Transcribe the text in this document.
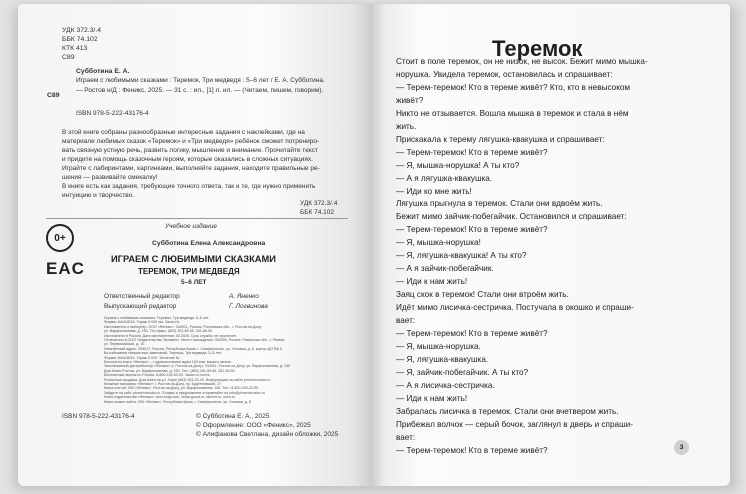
УДК 372.3/.4

ББК 74.102

КТК 413

С89

Субботина Е. А.

С89

Играем с любимыми сказками : Теремок, Три медведя : 5–6 лет / Е. А. Субботина.

— Ростов н/Д : Феникс, 2025. — 31 с. : ил., [1] л. ил. — (Читаем, пишем, говорим).

ISBN 978-5-222-43176-4

В этой книге собраны разнообразные интересные задания с наклейками, где на

материале любимых сказок «Теремок» и «Три медведя» ребёнок сможет потрениро-

вать связную устную речь, развить логику, мышление и внимание. Прочитайте текст

и придите на помощь сказочным героям, которые оказались в сложных ситуациях.

Играйте с лабиринтами, картинками, выполняйте задания, находите правильные ре-

шения — развивайте смекалку!

В книге есть как задания, требующие точного ответа, так и те, где нужно применить

интуицию и творчество.

УДК 372.3/.4

ББК 74.102

Учебное издание

0+
EAC

Субботина Елена Александровна

ИГРАЕМ С ЛЮБИМЫМИ СКАЗКАМИ

ТЕРЕМОК, ТРИ МЕДВЕДЯ

5–6 ЛЕТ

Ответственный редактор	А. Яненко

Выпускающий редактор	Г. Логвинова

Играем с любимыми сказками. Теремок, Три медведя: 5–6 лет.

Формат 84x108/16. Тираж 5 000 экз. Заказ № .

Изготовитель и импортёр: ООО «Феникс». 344011, Россия, Ростовская обл., г. Ростов-на-Дону,

ул. Варфоломеева, д. 150. Тел./факс: (863) 261-89-65, 261-89-50.

Изготовлено в России. Дата изготовления: 04.2025. Срок службы не ограничен.

Отпечатано в ООО «Издательство Экзамен». Место нахождения: 390000, Россия, Рязанская обл., г. Рязань,

ул. Первомайская, д. 10.

Изменённый адрес: 295017, Россия, Республика Крым, г. Симферополь, ул. Узловая, д. 8, корпус ДОТ№ 5

Во избежание неприятных замечаний, Теремок, Три медведя: 5–6 лет.

Формат 84x108/16. Тираж 5 000. Тиснение №

Бесплатно книги «Феникс» – с удовольствием ждём 100 книг вашего заказа.

Эксклюзивный дистрибьютор «Феникс» (г. Ростов-на-Дону): 344011, Ростов-на-Дону, ул. Варфоломеева, д. 150

Дом Книги Ростов, ул. Варфоломеева, д. 150. Тел.: (863) 261-89-65, 261-89-50

Бесплатный звонок по России: 8-800-100-00-00. Заказ по почте.

Розничная продажа: Дом книги на ул. Зорге (863) 303-20-25. Информация на сайте phoenixrostov.ru

Книжные магазины «Феникс»: г. Ростов-на-Дону, пр. Будённовский, 27.

Книга-почтой: 000 «Феникс». Ростов-на-Дону, ул. Варфоломеева, 150. Тел.: 8-800-200-23-95

Зайдите на сайт: phoenixbooks.ru. Отзывы и предложения отправляйте на info@phoenixrostov.ru

Книги издательства «Феникс»: dom-knigi.com, chitai-gorod.ru, labirint.ru, ozon.ru

Книги можно найти: 000 «Феникс», Республика Крым, г. Симферополь, ул. Узловая, д. 8

ISBN 978-5-222-43176-4	© Субботина Е. А., 2025

© Оформление: ООО «Феникс», 2025

© Алифанова Светлана, дизайн обложки, 2025

Теремок

Стоит в поле теремок, он не низок, не высок. Бежит мимо мышка-

норушка. Увидела теремок, остановилась и спрашивает:

— Терем-теремок! Кто в тереме живёт? Кто, кто в невысоком

живёт?

Никто не отзывается. Вошла мышка в теремок и стала в нём

жить.

Прискакала к терему лягушка-квакушка и спрашивает:

— Терем-теремок! Кто в тереме живёт?

— Я, мышка-норушка! А ты кто?

— А я лягушка-квакушка.

— Иди ко мне жить!

Лягушка прыгнула в теремок. Стали они вдвоём жить.

Бежит мимо зайчик-побегайчик. Остановился и спрашивает:

— Терем-теремок! Кто в тереме живёт?

— Я, мышка-норушка!

— Я, лягушка-квакушка! А ты кто?

— А я зайчик-побегайчик.

— Иди к нам жить!

Заяц скок в теремок! Стали они втроём жить.

Идёт мимо лисичка-сестричка. Постучала в окошко и спраши-

вает:

— Терем-теремок! Кто в тереме живёт?

— Я, мышка-норушка.

— Я, лягушка-квакушка.

— Я, зайчик-побегайчик. А ты кто?

— А я лисичка-сестричка.

— Иди к нам жить!

Забралась лисичка в теремок. Стали они вчетвером жить.

Прибежал волчок — серый бочок, заглянул в дверь и спраши-

вает:

— Терем-теремок! Кто в тереме живёт?	3
